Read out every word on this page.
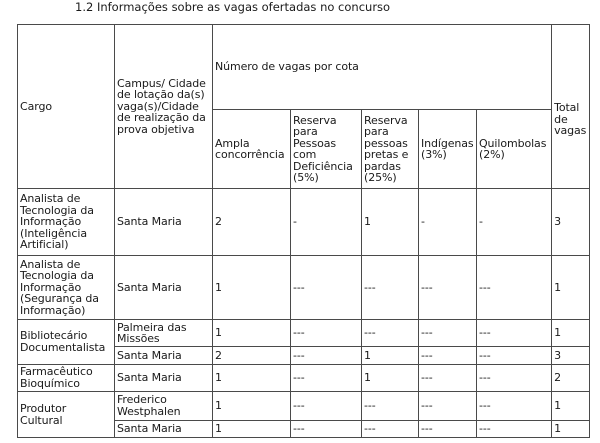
1.2 Informações sobre as vagas ofertadas no concurso
Cargo	Campus/ Cidade de lotação da(s) vaga(s)/Cidade de realização da prova objetiva	Número de vagas por cota					Total de vagas
		Ampla concorrência	Reserva para Pessoas com Deficiência (5%)	Reserva para pessoas pretas e pardas (25%)	Indígenas (3%)	Quilombolas (2%)	
Analista de Tecnologia da Informação (Inteligência Artificial)	Santa Maria	2	-	1	-	-	3
Analista de Tecnologia da Informação (Segurança da Informação)	Santa Maria	1	---	---	---	---	1
Bibliotecário Documentalista	Palmeira das Missões	1	---	---	---	---	1
	Santa Maria	2	---	1	---	---	3
Farmacêutico Bioquímico	Santa Maria	1	---	1	---	---	2
Produtor Cultural	Frederico Westphalen	1	---	---	---	---	1
	Santa Maria	1	---	---	---	---	1
